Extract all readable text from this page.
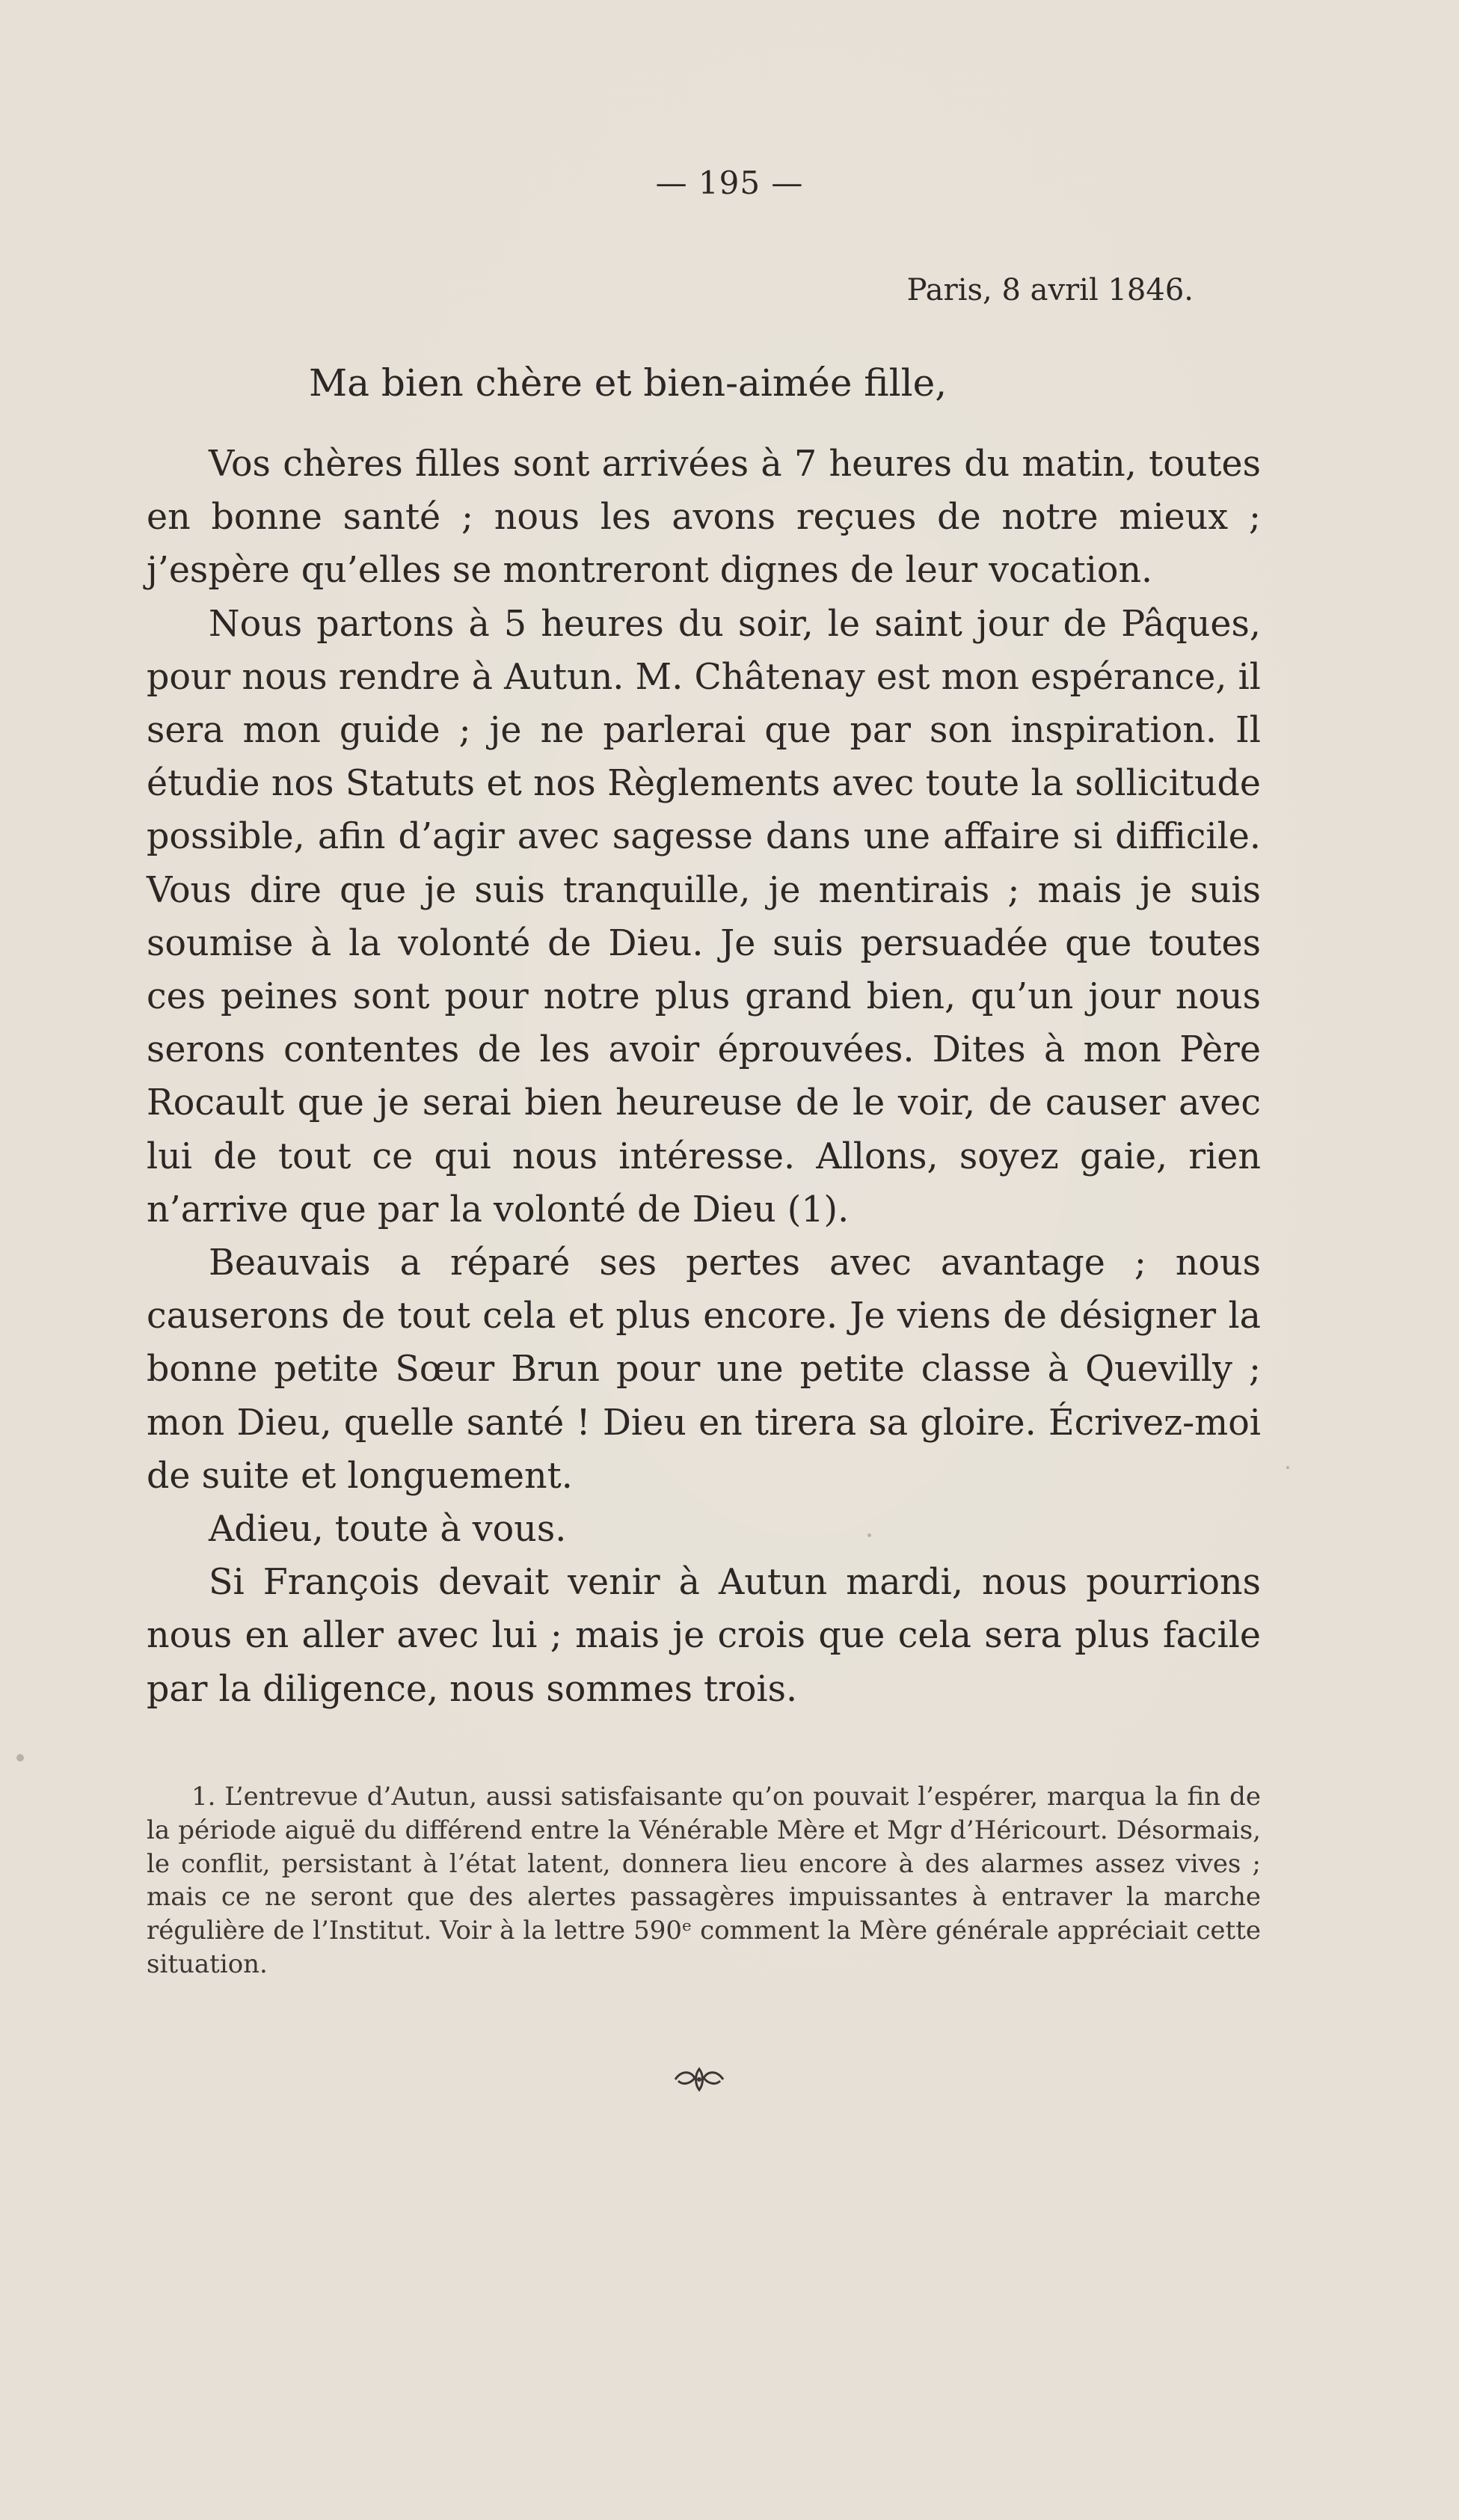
— 195 —
Paris, 8 avril 1846.
Ma bien chère et bien-aimée fille,

Vos chères filles sont arrivées à 7 heures du matin, toutes en bonne santé ; nous les avons reçues de notre mieux ; j’espère qu’elles se montreront dignes de leur vocation.

Nous partons à 5 heures du soir, le saint jour de Pâques, pour nous rendre à Autun. M. Châtenay est mon espérance, il sera mon guide ; je ne parlerai que par son inspiration. Il étudie nos Statuts et nos Règlements avec toute la sollicitude possible, afin d’agir avec sagesse dans une affaire si difficile. Vous dire que je suis tranquille, je mentirais ; mais je suis soumise à la volonté de Dieu. Je suis persuadée que toutes ces peines sont pour notre plus grand bien, qu’un jour nous serons contentes de les avoir éprouvées. Dites à mon Père Rocault que je serai bien heureuse de le voir, de causer avec lui de tout ce qui nous intéresse. Allons, soyez gaie, rien n’arrive que par la volonté de Dieu (1).

Beauvais a réparé ses pertes avec avantage ; nous causerons de tout cela et plus encore. Je viens de désigner la bonne petite Sœur Brun pour une petite classe à Quevilly ; mon Dieu, quelle santé ! Dieu en tirera sa gloire. Écrivez-moi de suite et longuement.

Adieu, toute à vous.

Si François devait venir à Autun mardi, nous pourrions nous en aller avec lui ; mais je crois que cela sera plus facile par la diligence, nous sommes trois.

1. L’entrevue d’Autun, aussi satisfaisante qu’on pouvait l’espérer, marqua la fin de la période aiguë du différend entre la Vénérable Mère et Mgr d’Héricourt. Désormais, le conflit, persistant à l’état latent, donnera lieu encore à des alarmes assez vives ; mais ce ne seront que des alertes passagères impuissantes à entraver la marche régulière de l’Institut. Voir à la lettre 590ᵉ comment la Mère générale appréciait cette situation.
